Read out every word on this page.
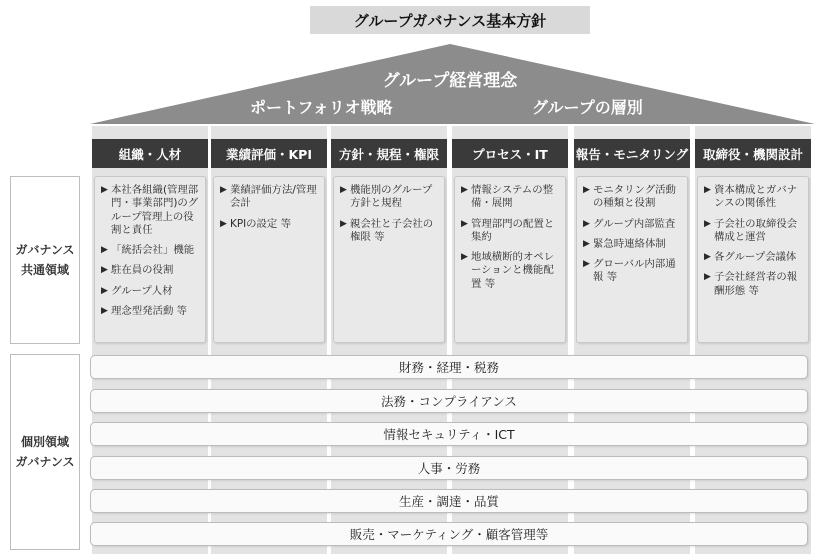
グループガバナンス基本方針
グループ経営理念
ポートフォリオ戦略	グループの層別
ガバナンス
共通領域
個別領域
ガバナンス
組織・人材
▶ 本社各組織(管理部門・事業部門)のグループ管理上の役割と責任
▶ 「統括会社」機能
▶ 駐在員の役割
▶ グループ人材
▶ 理念型発活動 等
業績評価・KPI
▶ 業績評価方法/管理会計
▶ KPIの設定 等
方針・規程・権限
▶ 機能別のグループ方針と規程
▶ 親会社と子会社の権限 等
プロセス・IT
▶ 情報システムの整備・展開
▶ 管理部門の配置と集約
▶ 地域横断的オペレーションと機能配置 等
報告・モニタリング
▶ モニタリング活動の種類と役割
▶ グループ内部監査
▶ 緊急時連絡体制
▶ グローバル内部通報 等
取締役・機関設計
▶ 資本構成とガバナンスの関係性
▶ 子会社の取締役会構成と運営
▶ 各グループ会議体
▶ 子会社経営者の報酬形態 等
財務・経理・税務
法務・コンプライアンス
情報セキュリティ・ICT
人事・労務
生産・調達・品質
販売・マーケティング・顧客管理等
